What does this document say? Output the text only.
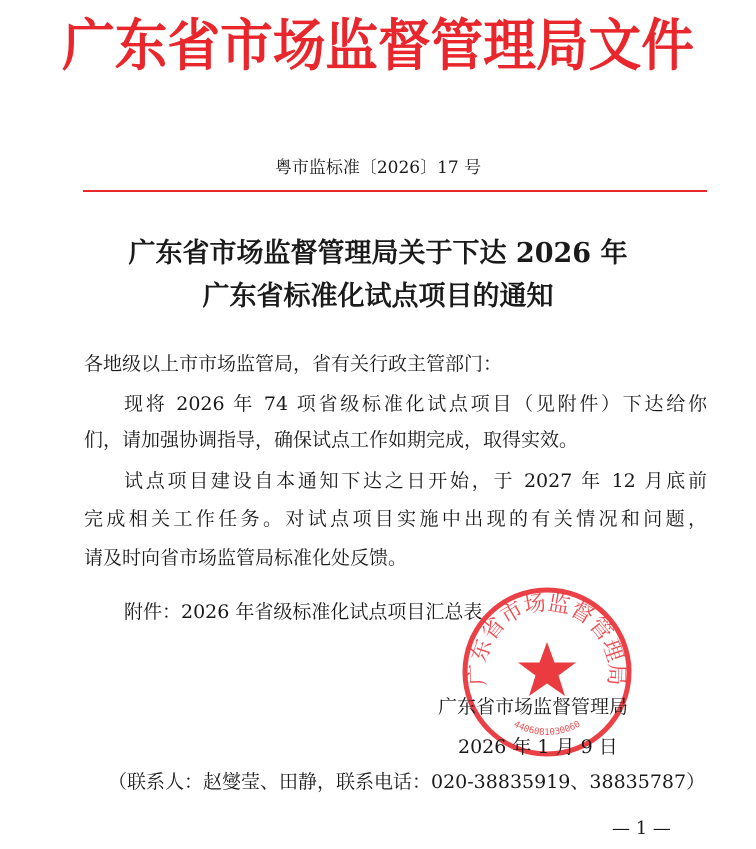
广东省市场监督管理局文件
粤市监标准〔2026〕17 号
广东省市场监督管理局关于下达 2026 年
广东省标准化试点项目的通知
各地级以上市市场监管局，省有关行政主管部门：
现将 2026 年 74 项省级标准化试点项目（见附件）下达给你
们，请加强协调指导，确保试点工作如期完成，取得实效。
试点项目建设自本通知下达之日开始，于 2027 年 12 月底前
完成相关工作任务。对试点项目实施中出现的有关情况和问题，
请及时向省市场监管局标准化处反馈。
附件：2026 年省级标准化试点项目汇总表
广东省市场监督管理局
4406081030060
广东省市场监督管理局
2026 年 1 月 9 日
（联系人：赵燮莹、田静，联系电话：020-38835919、38835787）
— 1 —
